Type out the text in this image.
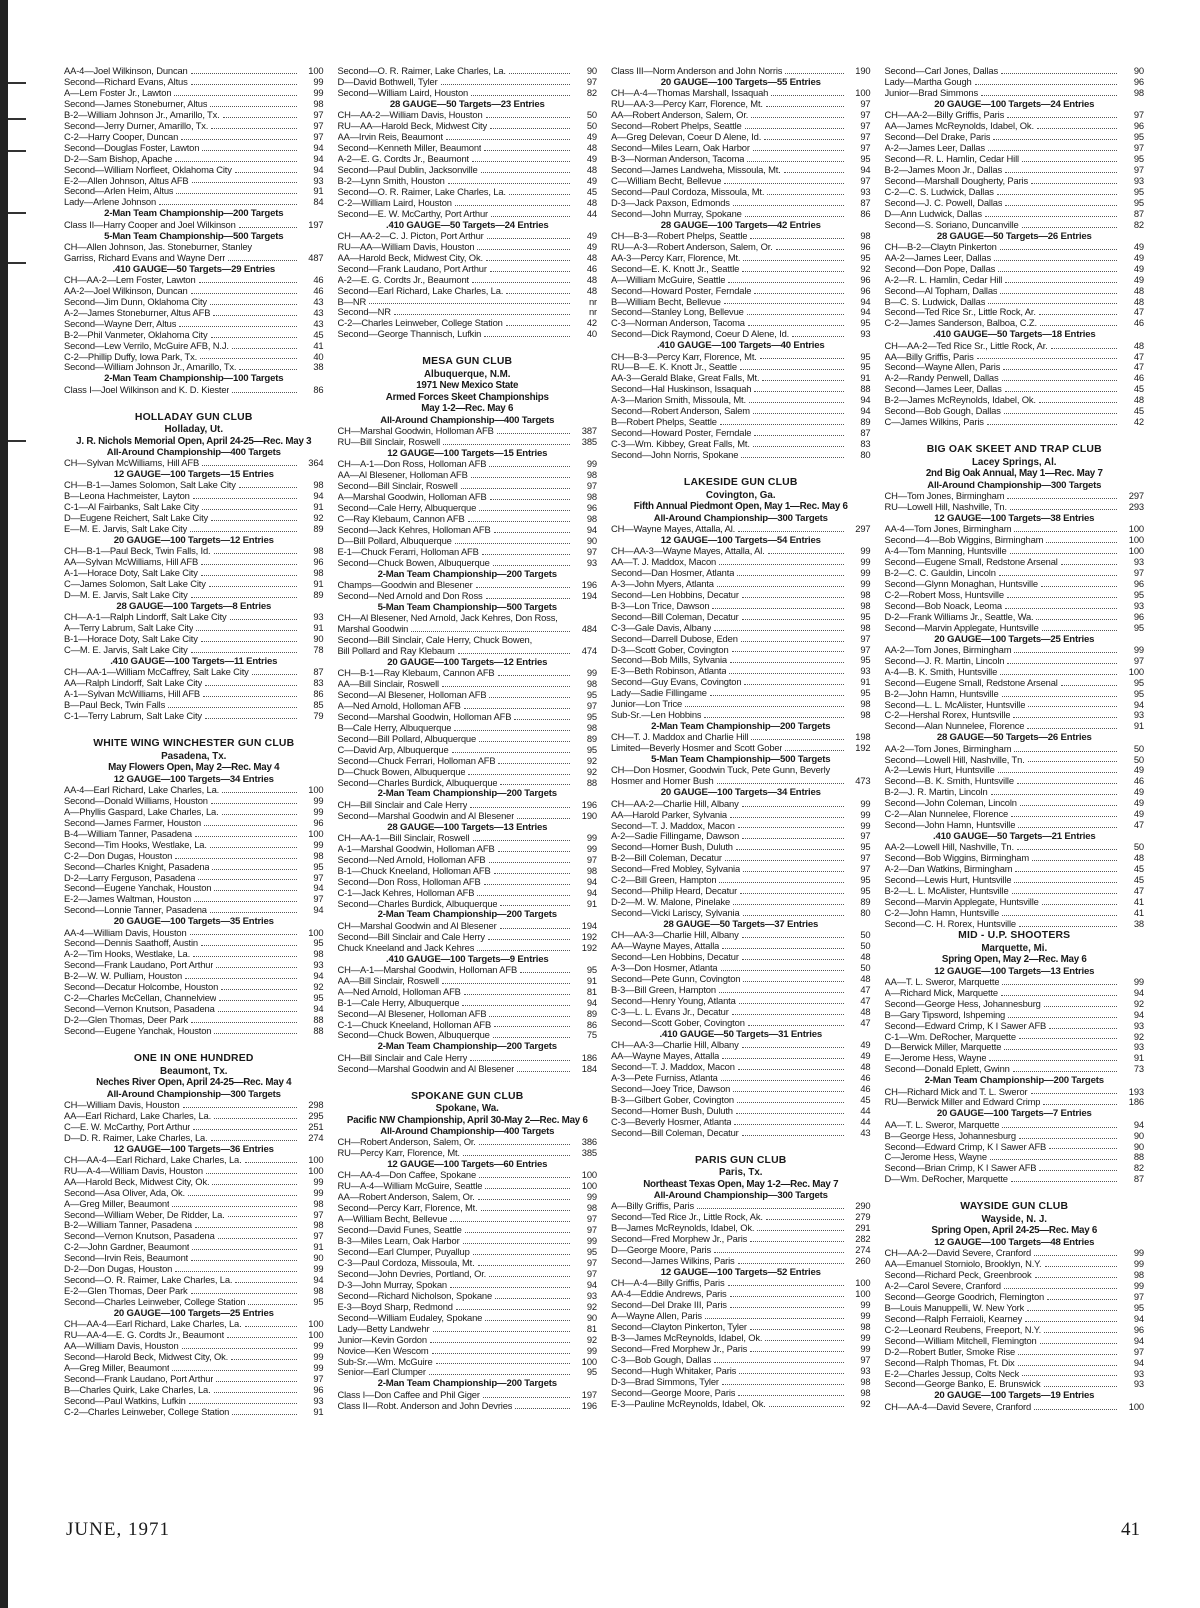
AA-4—Joel Wilkinson, Duncan	100
Second—Richard Evans, Altus	99
A—Lem Foster Jr., Lawton	99
Second—James Stoneburner, Altus	98
B-2—William Johnson Jr., Amarillo, Tx.	97
Second—Jerry Durner, Amarillo, Tx.	97
C-2—Harry Cooper, Duncan	97
Second—Douglas Foster, Lawton	94
D-2—Sam Bishop, Apache	94
Second—William Norfleet, Oklahoma City	94
E-2—Allen Johnson, Altus AFB	93
Second—Arlen Heim, Altus	91
Lady—Arlene Johnson	84
2-Man Team Championship—200 Targets
Class II—Harry Cooper and Joel Wilkinson	197
5-Man Team Championship—500 Targets
CH—Allen Johnson, Jas. Stoneburner, Stanley
Garriss, Richard Evans and Wayne Derr	487
.410 GAUGE—50 Targets—29 Entries
CH—AA-2—Lem Foster, Lawton	46
AA-2—Joel Wilkinson, Duncan	46
Second—Jim Dunn, Oklahoma City	43
A-2—James Stoneburner, Altus AFB	43
Second—Wayne Derr, Altus	43
B-2—Phil Vanmeter, Oklahoma City	45
Second—Lew Verrilo, McGuire AFB, N.J.	41
C-2—Phillip Duffy, Iowa Park, Tx.	40
Second—William Johnson Jr., Amarillo, Tx.	38
2-Man Team Championship—100 Targets
Class I—Joel Wilkinson and K. D. Kiester	86
HOLLADAY GUN CLUB
Holladay, Ut.
J. R. Nichols Memorial Open, April 24-25—Rec. May 3
All-Around Championship—400 Targets
CH—Sylvan McWilliams, Hill AFB	364
12 GAUGE—100 Targets—15 Entries
CH—B-1—James Solomon, Salt Lake City	98
B—Leona Hachmeister, Layton	94
C-1—Al Fairbanks, Salt Lake City	91
D—Eugene Reichert, Salt Lake City	92
E—M. E. Jarvis, Salt Lake City	89
20 GAUGE—100 Targets—12 Entries
CH—B-1—Paul Beck, Twin Falls, Id.	98
AA—Sylvan McWilliams, Hill AFB	96
A-1—Horace Doty, Salt Lake City	98
C—James Solomon, Salt Lake City	91
D—M. E. Jarvis, Salt Lake City	89
28 GAUGE—100 Targets—8 Entries
CH—A-1—Ralph Lindorff, Salt Lake City	93
A—Terry Labrum, Salt Lake City	91
B-1—Horace Doty, Salt Lake City	90
C—M. E. Jarvis, Salt Lake City	78
.410 GAUGE—100 Targets—11 Entries
CH—AA-1—William McCaffrey, Salt Lake City	87
AA—Ralph Lindorff, Salt Lake City	83
A-1—Sylvan McWilliams, Hill AFB	86
B—Paul Beck, Twin Falls	85
C-1—Terry Labrum, Salt Lake City	79
WHITE WING WINCHESTER GUN CLUB
Pasadena, Tx.
May Flowers Open, May 2—Rec. May 4
12 GAUGE—100 Targets—34 Entries
AA-4—Earl Richard, Lake Charles, La.	100
Second—Donald Williams, Houston	99
A—Phyllis Gaspard, Lake Charles, La.	99
Second—James Farmer, Houston	96
B-4—William Tanner, Pasadena	100
Second—Tim Hooks, Westlake, La.	99
C-2—Don Dugas, Houston	98
Second—Charles Knight, Pasadena	95
D-2—Larry Ferguson, Pasadena	97
Second—Eugene Yanchak, Houston	94
E-2—James Waltman, Houston	97
Second—Lonnie Tanner, Pasadena	94
20 GAUGE—100 Targets—35 Entries
AA-4—William Davis, Houston	100
Second—Dennis Saathoff, Austin	95
A-2—Tim Hooks, Westlake, La.	98
Second—Frank Laudano, Port Arthur	93
B-2—W. W. Pulliam, Houston	94
Second—Decatur Holcombe, Houston	92
C-2—Charles McCellan, Channelview	95
Second—Vernon Knutson, Pasadena	94
D-2—Glen Thomas, Deer Park	88
Second—Eugene Yanchak, Houston	88
ONE IN ONE HUNDRED
Beaumont, Tx.
Neches River Open, April 24-25—Rec. May 4
All-Around Championship—300 Targets
CH—William Davis, Houston	298
AA—Earl Richard, Lake Charles, La.	295
C—E. W. McCarthy, Port Arthur	251
D—D. R. Raimer, Lake Charles, La.	274
12 GAUGE—100 Targets—36 Entries
CH—AA-4—Earl Richard, Lake Charles, La.	100
RU—A-4—William Davis, Houston	100
AA—Harold Beck, Midwest City, Ok.	99
Second—Asa Oliver, Ada, Ok.	99
A—Greg Miller, Beaumont	98
Second—William Weber, De Ridder, La.	97
B-2—William Tanner, Pasadena	98
Second—Vernon Knutson, Pasadena	97
C-2—John Gardner, Beaumont	91
Second—Irvin Reis, Beaumont	90
D-2—Don Dugas, Houston	99
Second—O. R. Raimer, Lake Charles, La.	94
E-2—Glen Thomas, Deer Park	98
Second—Charles Leinweber, College Station	95
20 GAUGE—100 Targets—25 Entries
CH—AA-4—Earl Richard, Lake Charles, La.	100
RU—AA-4—E. G. Cordts Jr., Beaumont	100
AA—William Davis, Houston	99
Second—Harold Beck, Midwest City, Ok.	99
A—Greg Miller, Beaumont	99
Second—Frank Laudano, Port Arthur	97
B—Charles Quirk, Lake Charles, La.	96
Second—Paul Watkins, Lufkin	93
C-2—Charles Leinweber, College Station	91
Second—O. R. Raimer, Lake Charles, La.	90
D—David Bothwell, Tyler	97
Second—William Laird, Houston	82
28 GAUGE—50 Targets—23 Entries
CH—AA-2—William Davis, Houston	50
RU—AA—Harold Beck, Midwest City	50
AA—Irvin Reis, Beaumont	49
Second—Kenneth Miller, Beaumont	48
A-2—E. G. Cordts Jr., Beaumont	49
Second—Paul Dublin, Jacksonville	48
B-2—Lynn Smith, Houston	49
Second—O. R. Raimer, Lake Charles, La.	45
C-2—William Laird, Houston	48
Second—E. W. McCarthy, Port Arthur	44
.410 GAUGE—50 Targets—24 Entries
CH—AA-2—C. J. Picton, Port Arthur	49
RU—AA—William Davis, Houston	49
AA—Harold Beck, Midwest City, Ok.	48
Second—Frank Laudano, Port Arthur	46
A-2—E. G. Cordts Jr., Beaumont	48
Second—Earl Richard, Lake Charles, La.	48
B—NR	nr
Second—NR	nr
C-2—Charles Leinweber, College Station	42
Second—George Thannisch, Lufkin	40
MESA GUN CLUB
Albuquerque, N.M.
1971 New Mexico State
Armed Forces Skeet Championships
May 1-2—Rec. May 6
All-Around Championship—400 Targets
CH—Marshal Goodwin, Holloman AFB	387
RU—Bill Sinclair, Roswell	385
12 GAUGE—100 Targets—15 Entries
CH—A-1—Don Ross, Holloman AFB	99
AA—Al Blesener, Holloman AFB	98
Second—Bill Sinclair, Roswell	97
A—Marshal Goodwin, Holloman AFB	98
Second—Cale Herry, Albuquerque	96
C—Ray Klebaum, Cannon AFB	98
Second—Jack Kehres, Holloman AFB	94
D—Bill Pollard, Albuquerque	90
E-1—Chuck Ferarri, Holloman AFB	97
Second—Chuck Bowen, Albuquerque	93
2-Man Team Championship—200 Targets
Champs—Goodwin and Blesener	196
Second—Ned Arnold and Don Ross	194
5-Man Team Championship—500 Targets
CH—Al Blesener, Ned Arnold, Jack Kehres, Don Ross,
Marshal Goodwin	484
Second—Bill Sinclair, Cale Herry, Chuck Bowen,
Bill Pollard and Ray Klebaum	474
20 GAUGE—100 Targets—12 Entries
CH—B-1—Ray Klebaum, Cannon AFB	99
AA—Bill Sinclair, Roswell	98
Second—Al Blesener, Holloman AFB	95
A—Ned Arnold, Holloman AFB	97
Second—Marshal Goodwin, Holloman AFB	95
B—Cale Herry, Albuquerque	98
Second—Bill Pollard, Albuquerque	89
C—David Arp, Albuquerque	95
Second—Chuck Ferrari, Holloman AFB	92
D—Chuck Bowen, Albuquerque	92
Second—Charles Burdick, Albuquerque	88
2-Man Team Championship—200 Targets
CH—Bill Sinclair and Cale Herry	196
Second—Marshal Goodwin and Al Blesener	190
28 GAUGE—100 Targets—13 Entries
CH—AA-1—Bill Sinclair, Roswell	99
A-1—Marshal Goodwin, Holloman AFB	99
Second—Ned Arnold, Holloman AFB	97
B-1—Chuck Kneeland, Holloman AFB	98
Second—Don Ross, Holloman AFB	94
C-1—Jack Kehres, Holloman AFB	94
Second—Charles Burdick, Albuquerque	91
2-Man Team Championship—200 Targets
CH—Marshal Goodwin and Al Blesener	194
Second—Bill Sinclair and Cale Herry	192
Chuck Kneeland and Jack Kehres	192
.410 GAUGE—100 Targets—9 Entries
CH—A-1—Marshal Goodwin, Holloman AFB	95
AA—Bill Sinclair, Roswell	91
A—Ned Arnold, Holloman AFB	81
B-1—Cale Herry, Albuquerque	94
Second—Al Blesener, Holloman AFB	89
C-1—Chuck Kneeland, Holloman AFB	86
Second—Chuck Bowen, Albuquerque	75
2-Man Team Championship—200 Targets
CH—Bill Sinclair and Cale Herry	186
Second—Marshal Goodwin and Al Blesener	184
SPOKANE GUN CLUB
Spokane, Wa.
Pacific NW Championship, April 30-May 2—Rec. May 6
All-Around Championship—400 Targets
CH—Robert Anderson, Salem, Or.	386
RU—Percy Karr, Florence, Mt.	385
12 GAUGE—100 Targets—60 Entries
CH—AA-4—Don Caffee, Spokane	100
RU—A-4—William McGuire, Seattle	100
AA—Robert Anderson, Salem, Or.	99
Second—Percy Karr, Florence, Mt.	98
A—William Becht, Bellevue	97
Second—David Funes, Seattle	97
B-3—Miles Learn, Oak Harbor	99
Second—Earl Clumper, Puyallup	95
C-3—Paul Cordoza, Missoula, Mt.	97
Second—John Devries, Portland, Or.	97
D-3—John Murray, Spokan	94
Second—Richard Nicholson, Spokane	93
E-3—Boyd Sharp, Redmond	92
Second—William Eudaley, Spokane	90
Lady—Betty Landwehr	81
Junior—Kevin Gordon	92
Novice—Ken Wescom	99
Sub-Sr.—Wm. McGuire	100
Senior—Earl Clumper	95
2-Man Team Championship—200 Targets
Class I—Don Caffee and Phil Giger	197
Class II—Robt. Anderson and John Devries	196
Class III—Norm Anderson and John Norris	190
20 GAUGE—100 Targets—55 Entries
CH—A-4—Thomas Marshall, Issaquah	100
RU—AA-3—Percy Karr, Florence, Mt.	97
AA—Robert Anderson, Salem, Or.	97
Second—Robert Phelps, Seattle	97
A—Greg Delevan, Coeur D Alene, Id.	97
Second—Miles Learn, Oak Harbor	97
B-3—Norman Anderson, Tacoma	95
Second—James Landweha, Missoula, Mt.	94
C—William Becht, Bellevue	97
Second—Paul Cordoza, Missoula, Mt.	93
D-3—Jack Paxson, Edmonds	87
Second—John Murray, Spokane	86
28 GAUGE—100 Targets—42 Entries
CH—B-3—Robert Phelps, Seattle	98
RU—A-3—Robert Anderson, Salem, Or.	96
AA-3—Percy Karr, Florence, Mt.	95
Second—E. K. Knott Jr., Seattle	92
A—William McGuire, Seattle	96
Second—Howard Poster, Ferndale	96
B—William Becht, Bellevue	94
Second—Stanley Long, Bellevue	94
C-3—Norman Anderson, Tacoma	95
Second—Dick Raymond, Coeur D Alene, Id.	93
.410 GAUGE—100 Targets—40 Entries
CH—B-3—Percy Karr, Florence, Mt.	95
RU—B—E. K. Knott Jr., Seattle	95
AA-3—Gerald Blake, Great Falls, Mt.	91
Second—Hal Huskinson, Issaquah	88
A-3—Marion Smith, Missoula, Mt.	94
Second—Robert Anderson, Salem	94
B—Robert Phelps, Seattle	89
Second—Howard Poster, Ferndale	87
C-3—Wm. Kibbey, Great Falls, Mt.	83
Second—John Norris, Spokane	80
LAKESIDE GUN CLUB
Covington, Ga.
Fifth Annual Piedmont Open, May 1—Rec. May 6
All-Around Championship—300 Targets
CH—Wayne Mayes, Attalla, Al.	297
12 GAUGE—100 Targets—54 Entries
CH—AA-3—Wayne Mayes, Attalla, Al.	99
AA—T. J. Maddox, Macon	99
Second—Dan Hosmer, Atlanta	99
A-3—John Myers, Atlanta	99
Second—Len Hobbins, Decatur	98
B-3—Lon Trice, Dawson	98
Second—Bill Coleman, Decatur	95
C-3—Gale Davis, Albany	98
Second—Darrell Dubose, Eden	97
D-3—Scott Gober, Covington	97
Second—Bob Mills, Sylvania	95
E-3—Beth Robinson, Atlanta	93
Second—Guy Evans, Covington	91
Lady—Sadie Fillingame	95
Junior—Lon Trice	98
Sub-Sr.—Len Hobbins	98
2-Man Team Championship—200 Targets
CH—T. J. Maddox and Charlie Hill	198
Limited—Beverly Hosmer and Scott Gober	192
5-Man Team Championship—500 Targets
CH—Don Hosmer, Goodwin Tuck, Pete Gunn, Beverly
Hosmer and Homer Bush	473
20 GAUGE—100 Targets—34 Entries
CH—AA-2—Charlie Hill, Albany	99
AA—Harold Parker, Sylvania	99
Second—T. J. Maddox, Macon	99
A-2—Sadie Fillingame, Dawson	97
Second—Homer Bush, Duluth	95
B-2—Bill Coleman, Decatur	97
Second—Fred Mobley, Sylvania	97
C-2—Bill Green, Hampton	95
Second—Philip Heard, Decatur	95
D-2—M. W. Malone, Pinelake	89
Second—Vicki Lariscy, Sylvania	80
28 GAUGE—50 Targets—37 Entries
CH—AA-3—Charlie Hill, Albany	50
AA—Wayne Mayes, Attalla	50
Second—Len Hobbins, Decatur	48
A-3—Don Hosmer, Atlanta	50
Second—Pete Gunn, Covington	48
B-3—Bill Green, Hampton	47
Second—Henry Young, Atlanta	47
C-3—L. L. Evans Jr., Decatur	48
Second—Scott Gober, Covington	47
.410 GAUGE—50 Targets—31 Entries
CH—AA-3—Charlie Hill, Albany	49
AA—Wayne Mayes, Attalla	49
Second—T. J. Maddox, Macon	48
A-3—Pete Furniss, Atlanta	46
Second—Joey Trice, Dawson	46
B-3—Gilbert Gober, Covington	45
Second—Homer Bush, Duluth	44
C-3—Beverly Hosmer, Atlanta	44
Second—Bill Coleman, Decatur	43
PARIS GUN CLUB
Paris, Tx.
Northeast Texas Open, May 1-2—Rec. May 7
All-Around Championship—300 Targets
A—Billy Griffis, Paris	290
Second—Ted Rice Jr., Little Rock, Ak.	279
B—James McReynolds, Idabel, Ok.	291
Second—Fred Morphew Jr., Paris	282
D—George Moore, Paris	274
Second—James Wilkins, Paris	260
12 GAUGE—100 Targets—52 Entries
CH—A-4—Billy Griffis, Paris	100
AA-4—Eddie Andrews, Paris	100
Second—Del Drake III, Paris	99
A—Wayne Allen, Paris	99
Second—Clayton Pinkerton, Tyler	98
B-3—James McReynolds, Idabel, Ok.	99
Second—Fred Morphew Jr., Paris	99
C-3—Bob Gough, Dallas	97
Second—Hugh Whitaker, Paris	93
D-3—Brad Simmons, Tyler	98
Second—George Moore, Paris	98
E-3—Pauline McReynolds, Idabel, Ok.	92
Second—Carl Jones, Dallas	90
Lady—Martha Gough	96
Junior—Brad Simmons	98
20 GAUGE—100 Targets—24 Entries
CH—AA-2—Billy Griffis, Paris	97
AA—James McReynolds, Idabel, Ok.	96
Second—Del Drake, Paris	95
A-2—James Leer, Dallas	97
Second—R. L. Hamlin, Cedar Hill	95
B-2—James Moon Jr., Dallas	97
Second—Marshall Dougherty, Paris	93
C-2—C. S. Ludwick, Dallas	95
Second—J. C. Powell, Dallas	95
D—Ann Ludwick, Dallas	87
Second—S. Soriano, Duncanville	82
28 GAUGE—50 Targets—26 Entries
CH—B-2—Claytn Pinkerton	49
AA-2—James Leer, Dallas	49
Second—Don Pope, Dallas	49
A-2—R. L. Hamlin, Cedar Hill	49
Second—Al Topham, Dallas	48
B—C. S. Ludwick, Dallas	48
Second—Ted Rice Sr., Little Rock, Ar.	47
C-2—James Sanderson, Balboa, C.Z.	46
.410 GAUGE—50 Targets—18 Entries
CH—AA-2—Ted Rice Sr., Little Rock, Ar.	48
AA—Billy Griffis, Paris	47
Second—Wayne Allen, Paris	47
A-2—Randy Penwell, Dallas	46
Second—James Leer, Dallas	45
B-2—James McReynolds, Idabel, Ok.	48
Second—Bob Gough, Dallas	45
C—James Wilkins, Paris	42
BIG OAK SKEET AND TRAP CLUB
Lacey Springs, Al.
2nd Big Oak Annual, May 1—Rec. May 7
All-Around Championship—300 Targets
CH—Tom Jones, Birmingham	297
RU—Lowell Hill, Nashville, Tn.	293
12 GAUGE—100 Targets—38 Entries
AA-4—Tom Jones, Birmingham	100
Second—4—Bob Wiggins, Birmingham	100
A-4—Tom Manning, Huntsville	100
Second—Eugene Small, Redstone Arsenal	93
B-2—C. C. Gauldin, Lincoln	97
Second—Glynn Monaghan, Huntsville	96
C-2—Robert Moss, Huntsville	95
Second—Bob Noack, Leoma	93
D-2—Frank Williams Jr., Seattle, Wa.	96
Second—Marvin Applegate, Huntsville	95
20 GAUGE—100 Targets—25 Entries
AA-2—Tom Jones, Birmingham	99
Second—J. R. Martin, Lincoln	97
A-4—B. K. Smith, Huntsville	100
Second—Eugene Small, Redstone Arsenal	95
B-2—John Hamn, Huntsville	95
Second—L. L. McAlister, Huntsville	94
C-2—Hershal Rorex, Huntsville	93
Second—Alan Nunnelee, Florence	91
28 GAUGE—50 Targets—26 Entries
AA-2—Tom Jones, Birmingham	50
Second—Lowell Hill, Nashville, Tn.	50
A-2—Lewis Hurt, Huntsville	49
Second—B. K. Smith, Huntsville	46
B-2—J. R. Martin, Lincoln	49
Second—John Coleman, Lincoln	49
C-2—Alan Nunnelee, Florence	49
Second—John Hamn, Huntsville	47
.410 GAUGE—50 Targets—21 Entries
AA-2—Lowell Hill, Nashville, Tn.	50
Second—Bob Wiggins, Birmingham	48
A-2—Dan Watkins, Birmingham	45
Second—Lewis Hurt, Huntsville	45
B-2—L. L. McAlister, Huntsville	47
Second—Marvin Applegate, Huntsville	41
C-2—John Hamn, Huntsville	41
Second—C. H. Rorex, Huntsville	38
MID - U.P. SHOOTERS
Marquette, Mi.
Spring Open, May 2—Rec. May 6
12 GAUGE—100 Targets—13 Entries
AA—T. L. Sweror, Marquette	99
A—Richard Mick, Marquette	94
Second—George Hess, Johannesburg	92
B—Gary Tipsword, Ishpeming	94
Second—Edward Crimp, K I Sawer AFB	93
C-1—Wm. DeRocher, Marquette	92
D—Berwick Miller, Marquette	93
E—Jerome Hess, Wayne	91
Second—Donald Eplett, Gwinn	73
2-Man Team Championship—200 Targets
CH—Richard Mick and T. L. Sweror	193
RU—Berwick Miller and Edward Crimp	186
20 GAUGE—100 Targets—7 Entries
AA—T. L. Sweror, Marquette	94
B—George Hess, Johannesburg	90
Second—Edward Crimp, K I Sawer AFB	90
C—Jerome Hess, Wayne	88
Second—Brian Crimp, K I Sawer AFB	82
D—Wm. DeRocher, Marquette	87
WAYSIDE GUN CLUB
Wayside, N. J.
Spring Open, April 24-25—Rec. May 6
12 GAUGE—100 Targets—48 Entries
CH—AA-2—David Severe, Cranford	99
AA—Emanuel Storniolo, Brooklyn, N.Y.	99
Second—Richard Peck, Greenbrook	98
A-2—Carol Severe, Cranford	99
Second—George Goodrich, Flemington	97
B—Louis Manuppelli, W. New York	95
Second—Ralph Ferraioli, Kearney	94
C-2—Leonard Reubens, Freeport, N.Y.	96
Second—William Mitchell, Flemington	94
D-2—Robert Butler, Smoke Rise	97
Second—Ralph Thomas, Ft. Dix	94
E-2—Charles Jessup, Colts Neck	93
Second—George Banko, E. Brunswick	93
20 GAUGE—100 Targets—19 Entries
CH—AA-4—David Severe, Cranford	100
JUNE, 1971	41
